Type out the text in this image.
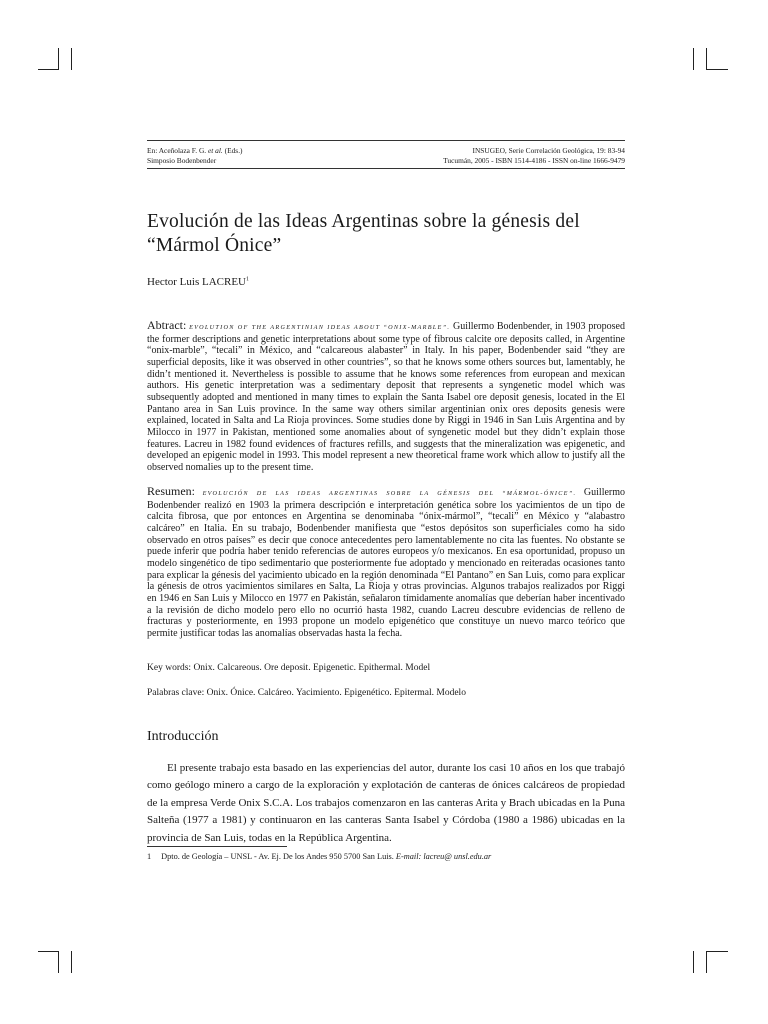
En: Aceñolaza F. G. et al. (Eds.)
Simposio Bodenbender
INSUGEO, Serie Correlación Geológica, 19: 83-94
Tucumán, 2005 - ISBN 1514-4186 - ISSN on-line 1666-9479
Evolución de las Ideas Argentinas sobre la génesis del
“Mármol Ónice”
Hector Luis LACREU$^1$
Abtract: EVOLUTION OF THE ARGENTINIAN IDEAS ABOUT “ONIX-MARBLE”. Guillermo Bodenbender, in 1903 proposed the former descriptions and genetic interpretations about some type of fibrous calcite ore deposits called, in Argentine “onix-marble”, “tecali” in México, and “calcareous alabaster” in Italy. In his paper, Bodenbender said “they are superficial deposits, like it was observed in other countries”, so that he knows some others sources but, lamentably, he didn’t mentioned it. Nevertheless is possible to assume that he knows some references from european and mexican authors. His genetic interpretation was a sedimentary deposit that represents a syngenetic model which was subsequently adopted and mentioned in many times to explain the Santa Isabel ore deposit genesis, located in the El Pantano area in San Luis province. In the same way others similar argentinian onix ores deposits genesis were explained, located in Salta and La Rioja provinces. Some studies done by Riggi in 1946 in San Luis Argentina and by Milocco in 1977 in Pakistan, mentioned some anomalies about of syngenetic model but they didn’t explain those features. Lacreu in 1982 found evidences of fractures refills, and suggests that the mineralization was epigenetic, and developed an epigenic model in 1993. This model represent a new theoretical frame work which allow to justify all the observed nomalies up to the present time.
Resumen: EVOLUCIÓN DE LAS IDEAS ARGENTINAS SOBRE LA GÉNESIS DEL “MÁRMOL-ÓNICE”. Guillermo Bodenbender realizó en 1903 la primera descripción e interpretación genética sobre los yacimientos de un tipo de calcita fibrosa, que por entonces en Argentina se denominaba “ónix-mármol”, “tecali” en México y “alabastro calcáreo” en Italia. En su trabajo, Bodenbender manifiesta que “estos depósitos son superficiales como ha sido observado en otros países” es decir que conoce antecedentes pero lamentablemente no cita las fuentes. No obstante se puede inferir que podría haber tenido referencias de autores europeos y/o mexicanos. En esa oportunidad, propuso un modelo singenético de tipo sedimentario que posteriormente fue adoptado y mencionado en reiteradas ocasiones tanto para explicar la génesis del yacimiento ubicado en la región denominada “El Pantano” en San Luis, como para explicar la génesis de otros yacimientos similares en Salta, La Rioja y otras provincias. Algunos trabajos realizados por Riggi en 1946 en San Luis y Milocco en 1977 en Pakistán, señalaron tímidamente anomalías que deberían haber incentivado a la revisión de dicho modelo pero ello no ocurrió hasta 1982, cuando Lacreu descubre evidencias de relleno de fracturas y posteriormente, en 1993 propone un modelo epigenético que constituye un nuevo marco teórico que permite justificar todas las anomalías observadas hasta la fecha.
Key words: Onix. Calcareous. Ore deposit. Epigenetic. Epithermal. Model
Palabras clave: Onix. Ónice. Calcáreo. Yacimiento. Epigenético. Epitermal. Modelo
Introducción
El presente trabajo esta basado en las experiencias del autor, durante los casi 10 años en los que trabajó como geólogo minero a cargo de la exploración y explotación de canteras de ónices calcáreos de propiedad de la empresa Verde Onix S.C.A. Los trabajos comenzaron en las canteras Arita y Brach ubicadas en la Puna Salteña (1977 a 1981) y continuaron en las canteras Santa Isabel y Córdoba (1980 a 1986) ubicadas en la provincia de San Luis, todas en la República Argentina.
1 Dpto. de Geología – UNSL - Av. Ej. De los Andes 950 5700 San Luis. E-mail: lacreu@ unsl.edu.ar
